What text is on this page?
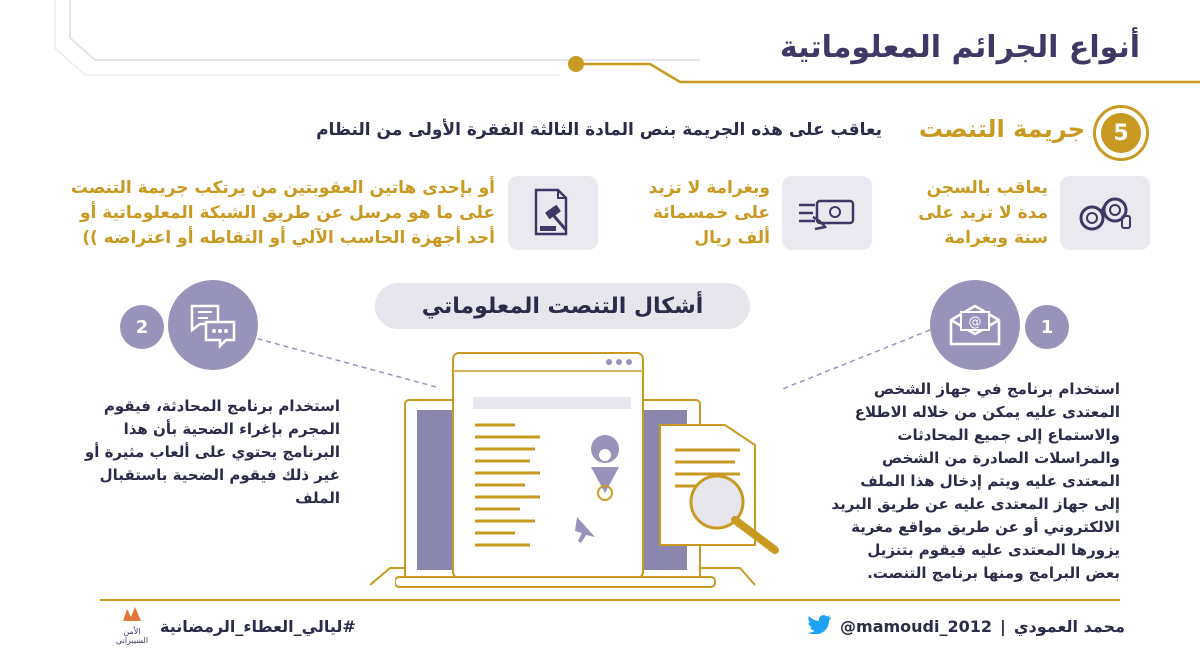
أنواع الجرائم المعلوماتية
5
جريمة التنصت
يعاقب على هذه الجريمة بنص المادة الثالثة الفقرة الأولى من النظام
يعاقب بالسجن
مدة لا تزيد على
سنة وبغرامة
وبغرامة لا تزيد
على خمسمائة
ألف ريال
أو بإحدى هاتين العقوبتين من يرتكب جريمة التنصت
على ما هو مرسل عن طريق الشبكة المعلوماتية أو
أحد أجهزة الحاسب الآلي أو التقاطه أو اعتراضه ))
أشكال التنصت المعلوماتي
@	1
2
استخدام برنامج في جهاز الشخص
المعتدى عليه يمكن من خلاله الاطلاع
والاستماع إلى جميع المحادثات
والمراسلات الصادرة من الشخص
المعتدى عليه ويتم إدخال هذا الملف
إلى جهاز المعتدى عليه عن طريق البريد
الالكتروني أو عن طريق مواقع مغرية
يزورها المعتدى عليه فيقوم بتنزيل
بعض البرامج ومنها برنامج التنصت.
استخدام برنامج المحادثة، فيقوم
المجرم بإغراء الضحية بأن هذا
البرنامج يحتوي على ألعاب مثيرة أو
غير ذلك فيقوم الضحية باستقبال
الملف
الأمن
السيبراني
#ليالي_العطاء_الرمضانية	@mamoudi_2012 | محمد العمودي
